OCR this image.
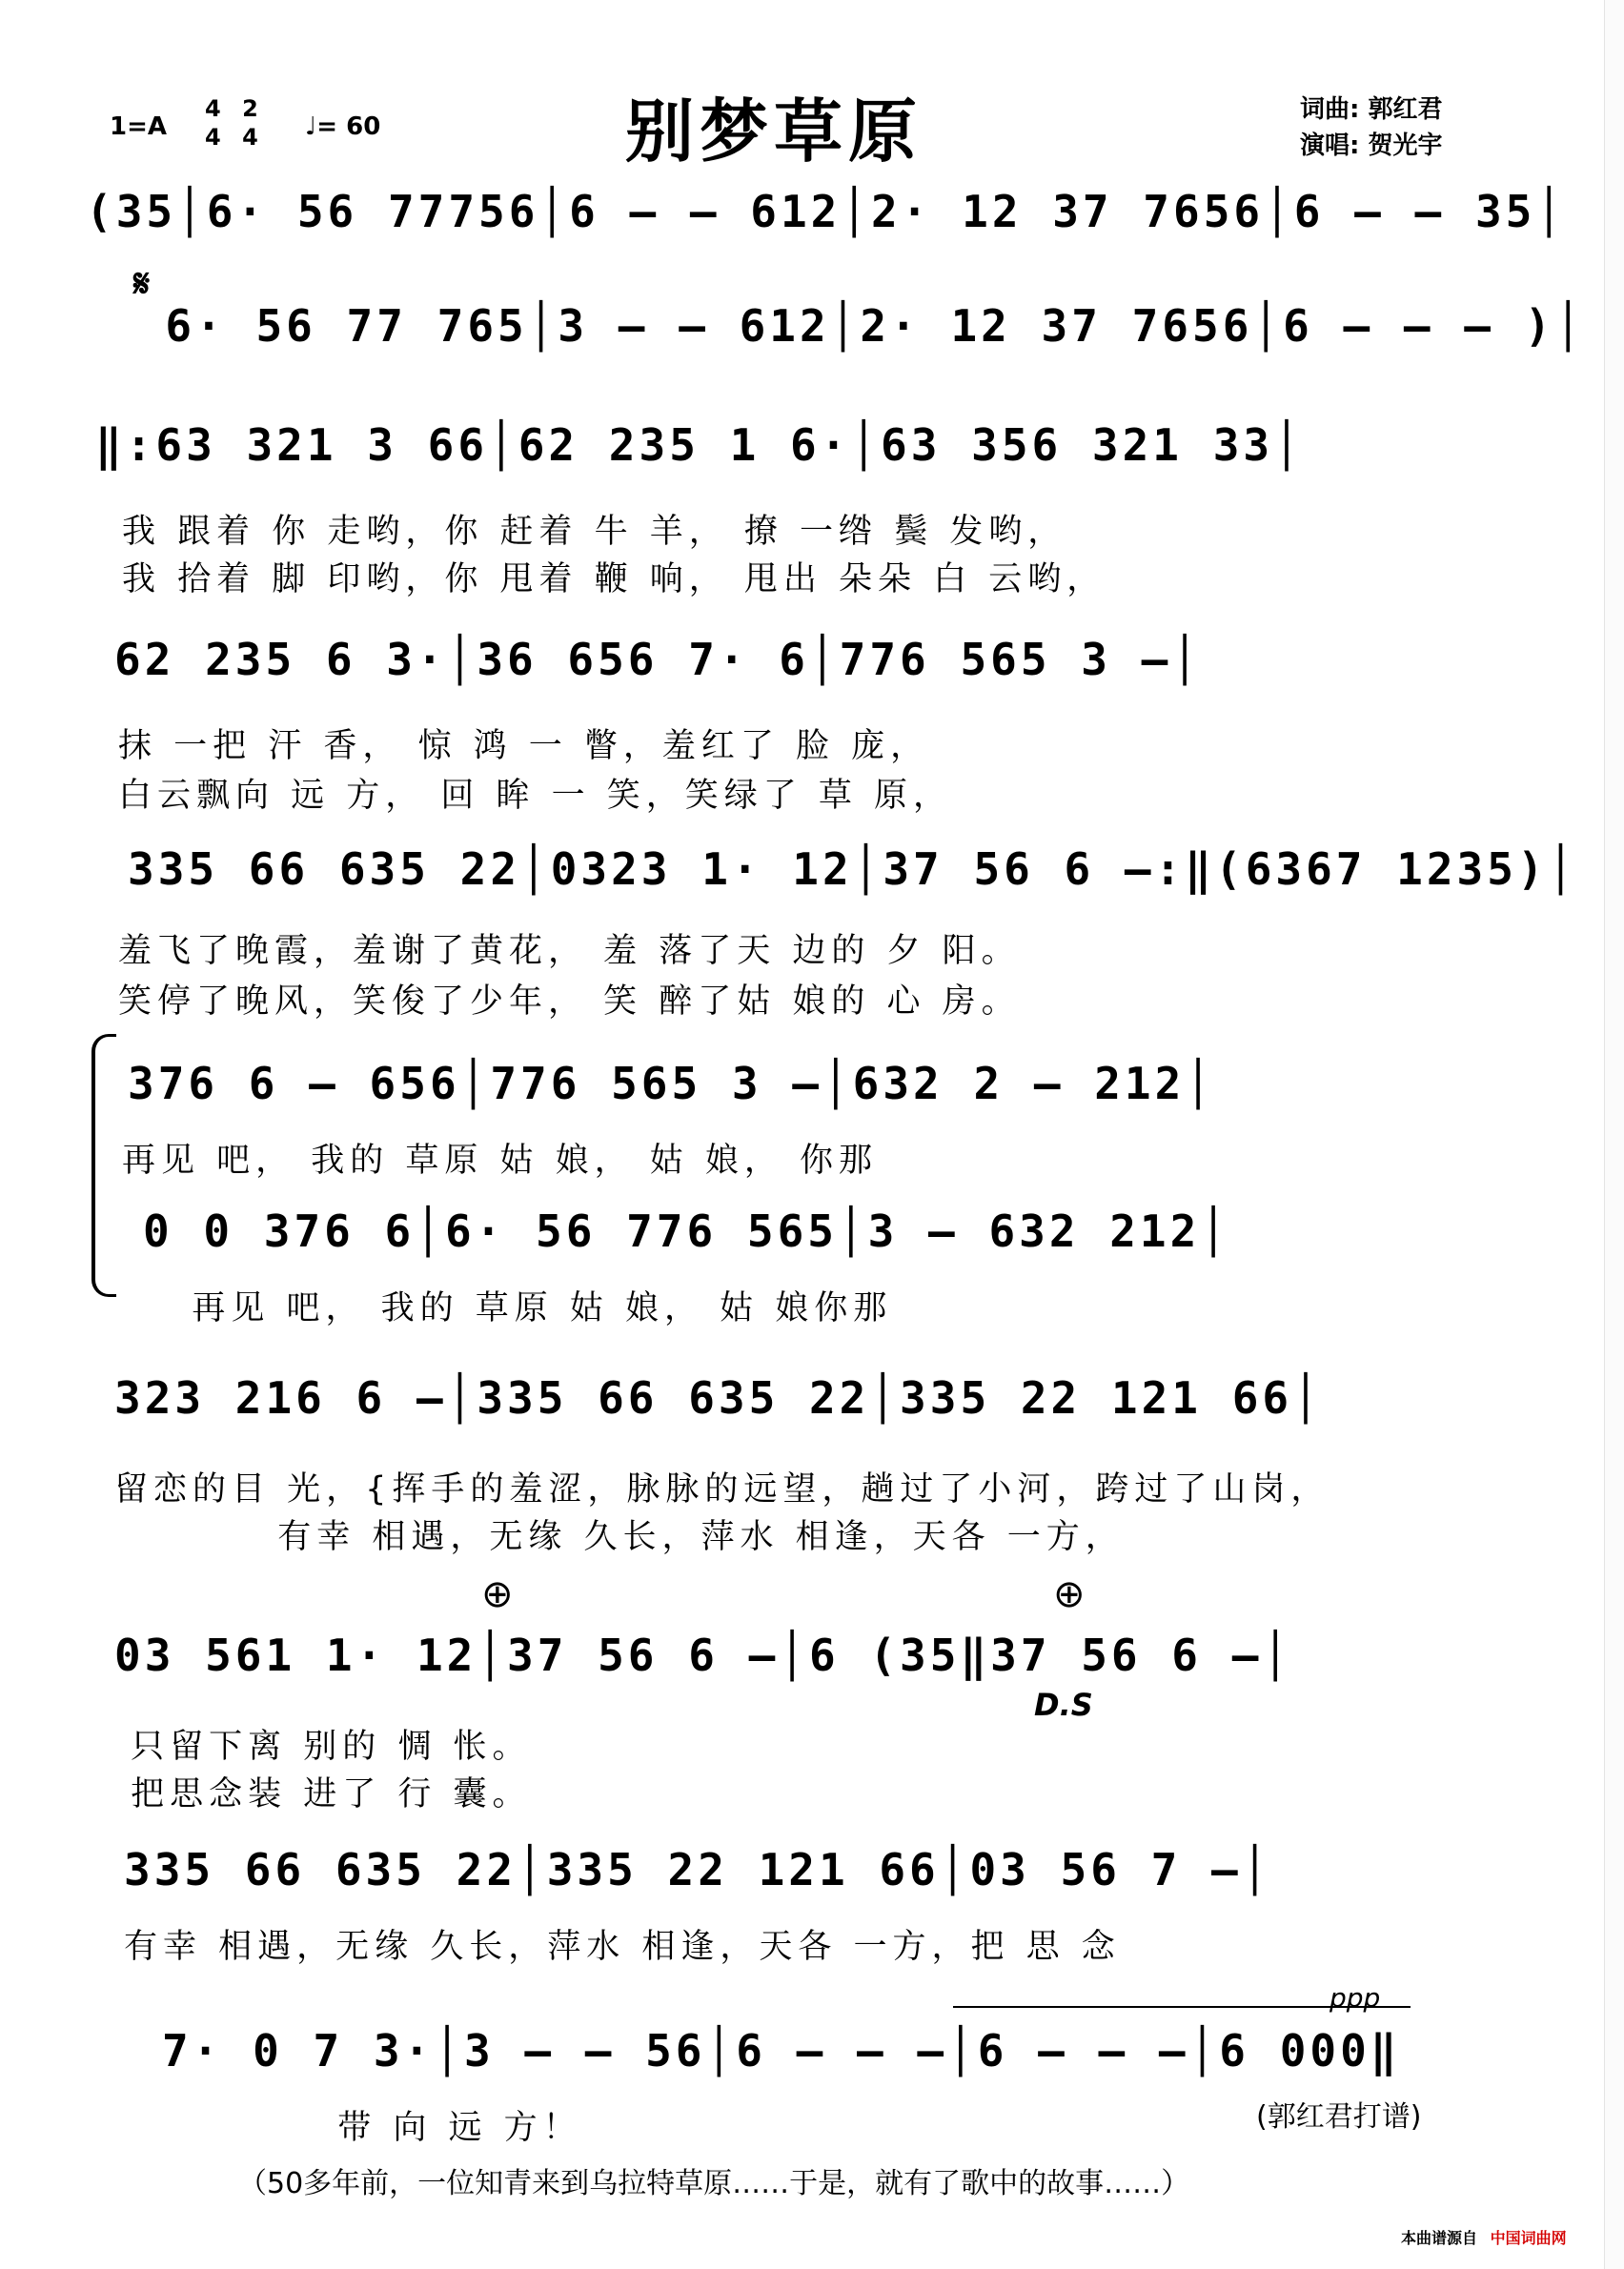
1=A
4
4

2
4 ♩= 60	别梦草原	词曲: 郭红君
演唱: 贺光宇
(35│6· 56 77756│6 – – 612│2· 12 37 7656│6 – – 35│
𝄋
6· 56 77 765│3 – – 612│2· 12 37 7656│6 – – – )│
‖:63 321 3 66│62 235 1 6·│63 356 321 33│
我 跟着 你 走哟，你 赶着 牛 羊， 撩 一绺 鬓 发哟，
我 拾着 脚 印哟，你 甩着 鞭 响， 甩出 朵朵 白 云哟，
62 235 6 3·│36 656 7· 6│776 565 3 –│
抹 一把 汗 香， 惊 鸿 一 瞥，羞红了 脸 庞，
白云飘向 远 方， 回 眸 一 笑，笑绿了 草 原，
335 66 635 22│0323 1· 12│37 56 6 –:‖(6367 1235)│
羞飞了晚霞，羞谢了黄花， 羞 落了天 边的 夕 阳。
笑停了晚风，笑俊了少年， 笑 醉了姑 娘的 心 房。
376 6 – 656│776 565 3 –│632 2 – 212│
再见 吧， 我的 草原 姑 娘， 姑 娘， 你那
0 0 376 6│6· 56 776 565│3 – 632 212│
再见 吧， 我的 草原 姑 娘， 姑 娘你那
323 216 6 –│335 66 635 22│335 22 121 66│
留恋的目 光，{挥手的羞涩，脉脉的远望，趟过了小河，跨过了山岗，
有幸 相遇，无缘 久长，萍水 相逢，天各 一方，
⊕	⊕
03 561 1· 12│37 56 6 –│6 (35‖37 56 6 –│
D.S
只留下离 别的 惆 怅。
把思念装 进了 行 囊。
335 66 635 22│335 22 121 66│03 56 7 –│
有幸 相遇，无缘 久长，萍水 相逢，天各 一方，把 思 念
ppp
7· 0 7 3·│3 – – 56│6 – – –│6 – – –│6 000‖
带 向 远 方！	(郭红君打谱)
（50多年前，一位知青来到乌拉特草原……于是，就有了歌中的故事……）
本曲谱源自 中国词曲网
